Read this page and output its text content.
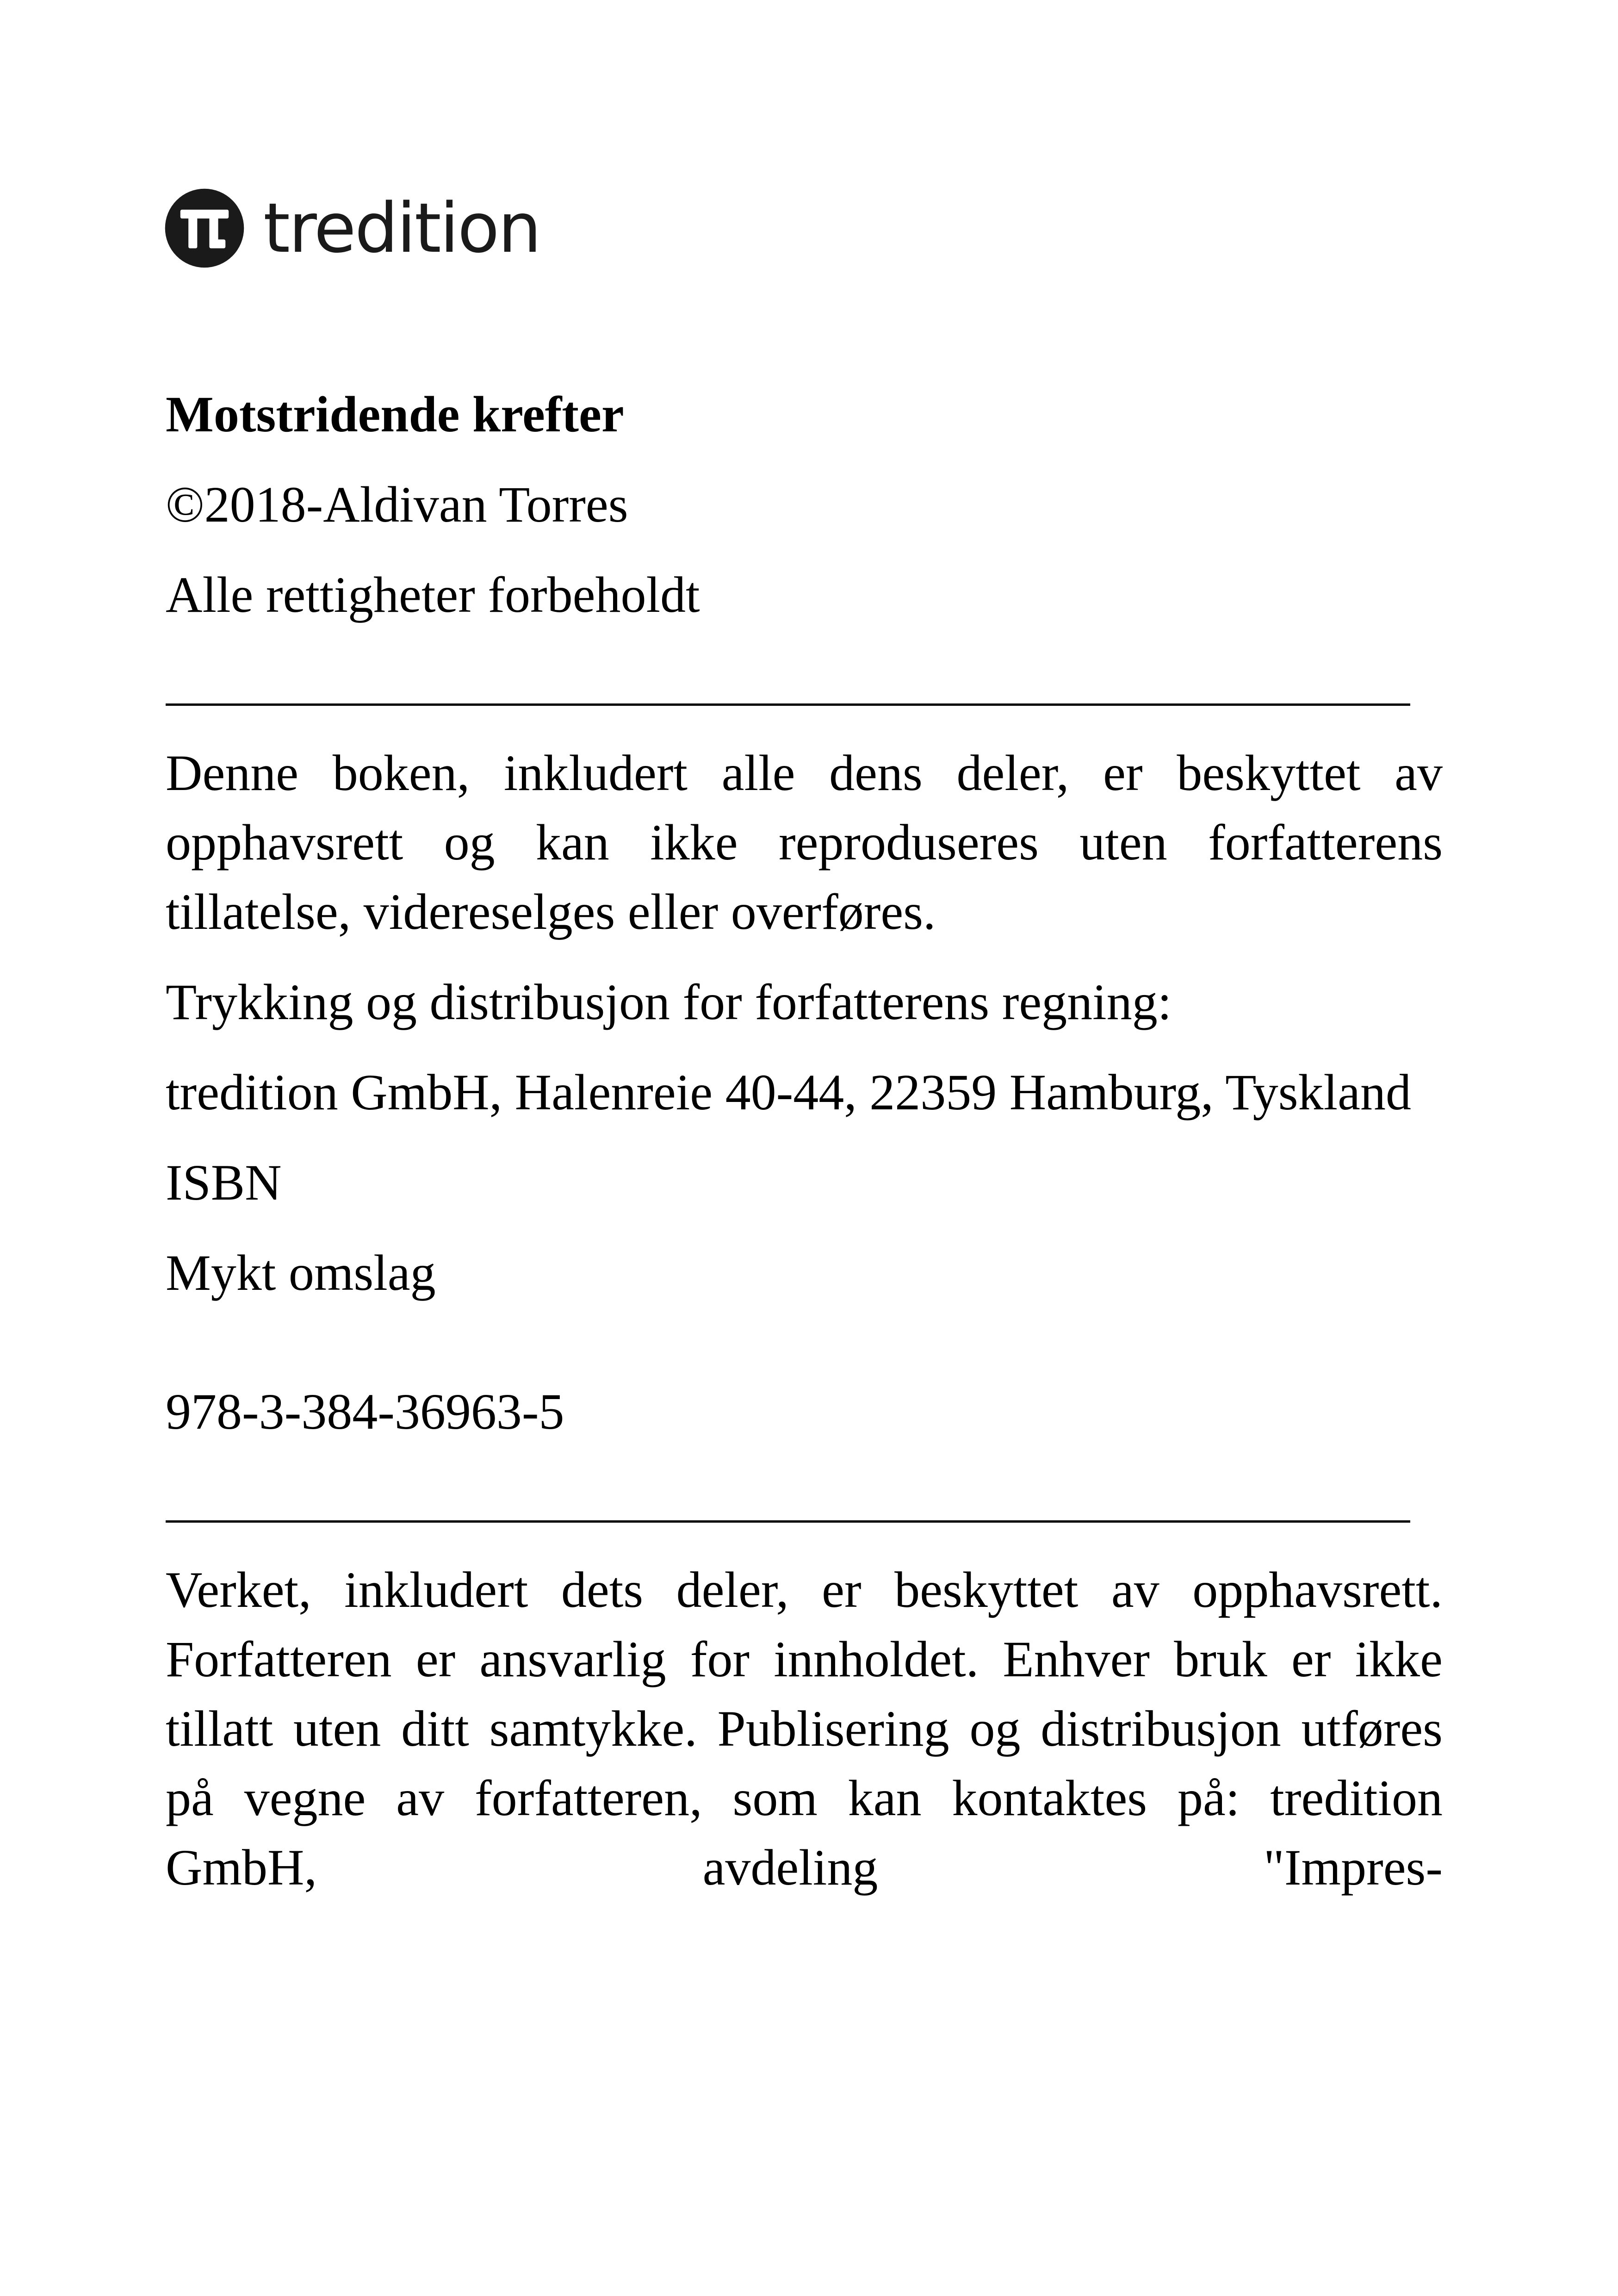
tredition

Motstridende krefter

©2018-Aldivan Torres

Alle rettigheter forbeholdt

Denne boken, inkludert alle dens deler, er beskyttet av opphavsrett og kan ikke reproduseres uten forfatterens tillatelse, videreselges eller overføres.

Trykking og distribusjon for forfatterens regning:

tredition GmbH, Halenreie 40-44, 22359 Hamburg, Tyskland

ISBN

Mykt omslag

978-3-384-36963-5

Verket, inkludert dets deler, er beskyttet av opphavsrett. Forfatteren er ansvarlig for innholdet. Enhver bruk er ikke tillatt uten ditt samtykke. Publisering og distribusjon utføres på vegne av forfatteren, som kan kontaktes på: tredition GmbH, avdeling "Impres-
